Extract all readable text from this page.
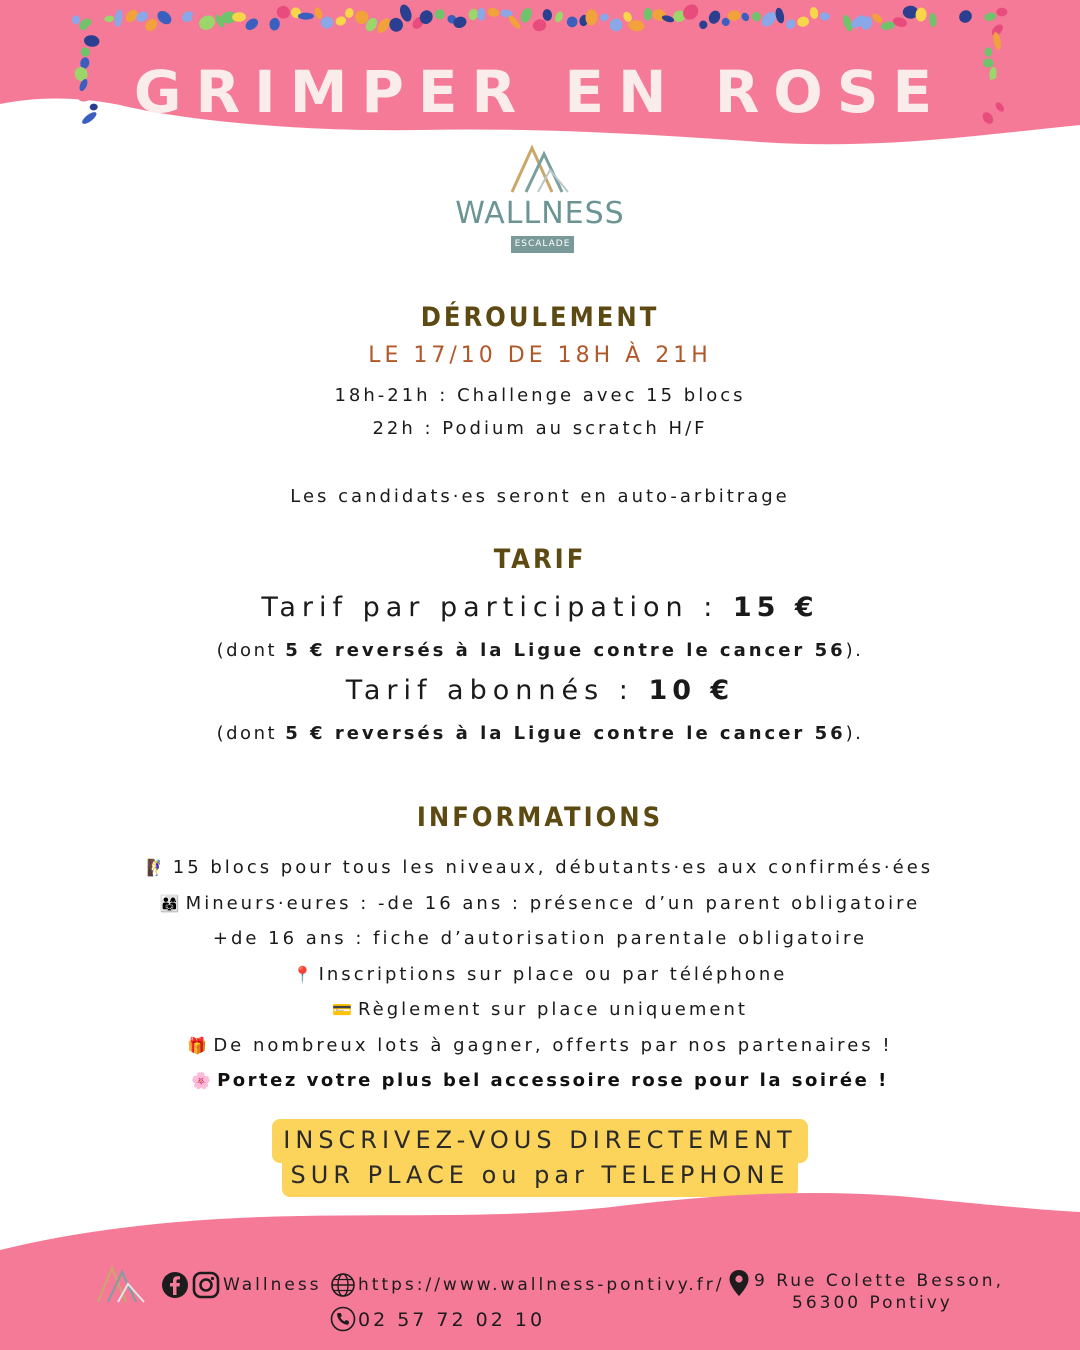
GRIMPER EN ROSE
WALLNESS
ESCALADE
DÉROULEMENT
LE 17/10 DE 18H À 21H
18h-21h : Challenge avec 15 blocs
22h : Podium au scratch H/F
Les candidats·es seront en auto-arbitrage
TARIF
Tarif par participation : 15 €
(dont 5 € reversés à la Ligue contre le cancer 56).
Tarif abonnés : 10 €
(dont 5 € reversés à la Ligue contre le cancer 56).
INFORMATIONS
🧗‍♀️ 15 blocs pour tous les niveaux, débutants·es aux confirmés·ées
👨‍👩‍👧 Mineurs·eures : -de 16 ans : présence d’un parent obligatoire
+de 16 ans : fiche d’autorisation parentale obligatoire
📍 Inscriptions sur place ou par téléphone
💳 Règlement sur place uniquement
🎁 De nombreux lots à gagner, offerts par nos partenaires !
🌸 Portez votre plus bel accessoire rose pour la soirée !
INSCRIVEZ-VOUS DIRECTEMENT
SUR PLACE ou par TELEPHONE
Wallness https://www.wallness-pontivy.fr/ 9 Rue Colette Besson,
56300 Pontivy
02 57 72 02 10
